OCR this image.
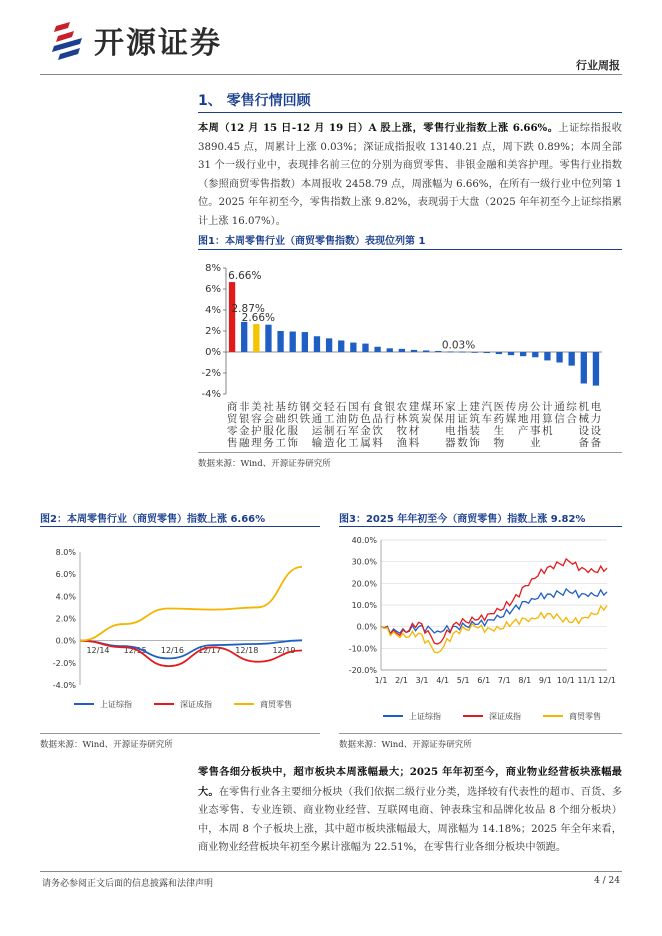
开源证券
行业周报
1、 零售行情回顾
本周（12 月 15 日-12 月 19 日）A 股上涨，零售行业指数上涨 6.66%。上证综指报收 3890.45 点，周累计上涨 0.03%；深证成指报收 13140.21 点，周下跌 0.89%；本周全部 31 个一级行业中，表现排名前三位的分别为商贸零售、非银金融和美容护理。零售行业指数（参照商贸零售指数）本周报收 2458.79 点，周涨幅为 6.66%，在所有一级行业中位列第 1 位。2025 年年初至今，零售指数上涨 9.82%，表现弱于大盘（2025 年年初至今上证综指累计上涨 16.07%）。
图1：本周零售行业（商贸零售指数）表现位列第 1
8%
6%
4%
2%
0%
-2%
-4%
商
贸
零
售
非
银
金
融
美
容
护
理
社
会
服
务
基
础
化
工
纺
织
服
饰
钢
铁
交
通
运
输
轻
工
制
造
石
油
石
化
国
防
军
工
有
色
金
属
食
品
饮
料
银
行
农
林
牧
渔
建
筑
材
料
煤
炭
环
保
家
用
电
器
上
证
指
数
建
筑
装
饰
汽
车
医
药
生
物
传
媒
房
地
产
公
用
事
业
计
算
机
通
信
综
合
机
械
设
备
电
力
设
备
6.66%
2.87%
2.66%
0.03%
数据来源：Wind、开源证券研究所
图2：本周零售行业（商贸零售）指数上涨 6.66%
8.0%
6.0%
4.0%
2.0%
0.0%
-2.0%
-4.0%
12/14 12/15 12/16 12/17 12/18 12/19
上证综指	深证成指	商贸零售
数据来源：Wind、开源证券研究所
图3：2025 年年初至今（商贸零售）指数上涨 9.82%
40.0%
30.0%
20.0%
10.0%
0.0%
-10.0%
-20.0%
1/1 2/1 3/1 4/1 5/1 6/1 7/1 8/1 9/1 10/1 11/1 12/1
上证综指	深证成指	商贸零售
数据来源：Wind、开源证券研究所
零售各细分板块中，超市板块本周涨幅最大；2025 年年初至今，商业物业经营板块涨幅最大。在零售行业各主要细分板块（我们依据二级行业分类，选择较有代表性的超市、百货、多业态零售、专业连锁、商业物业经营、互联网电商、钟表珠宝和品牌化妆品 8 个细分板块）中，本周 8 个子板块上涨，其中超市板块涨幅最大，周涨幅为 14.18%；2025 年全年来看，商业物业经营板块年初至今累计涨幅为 22.51%，在零售行业各细分板块中领跑。
请务必参阅正文后面的信息披露和法律声明	4 / 24
